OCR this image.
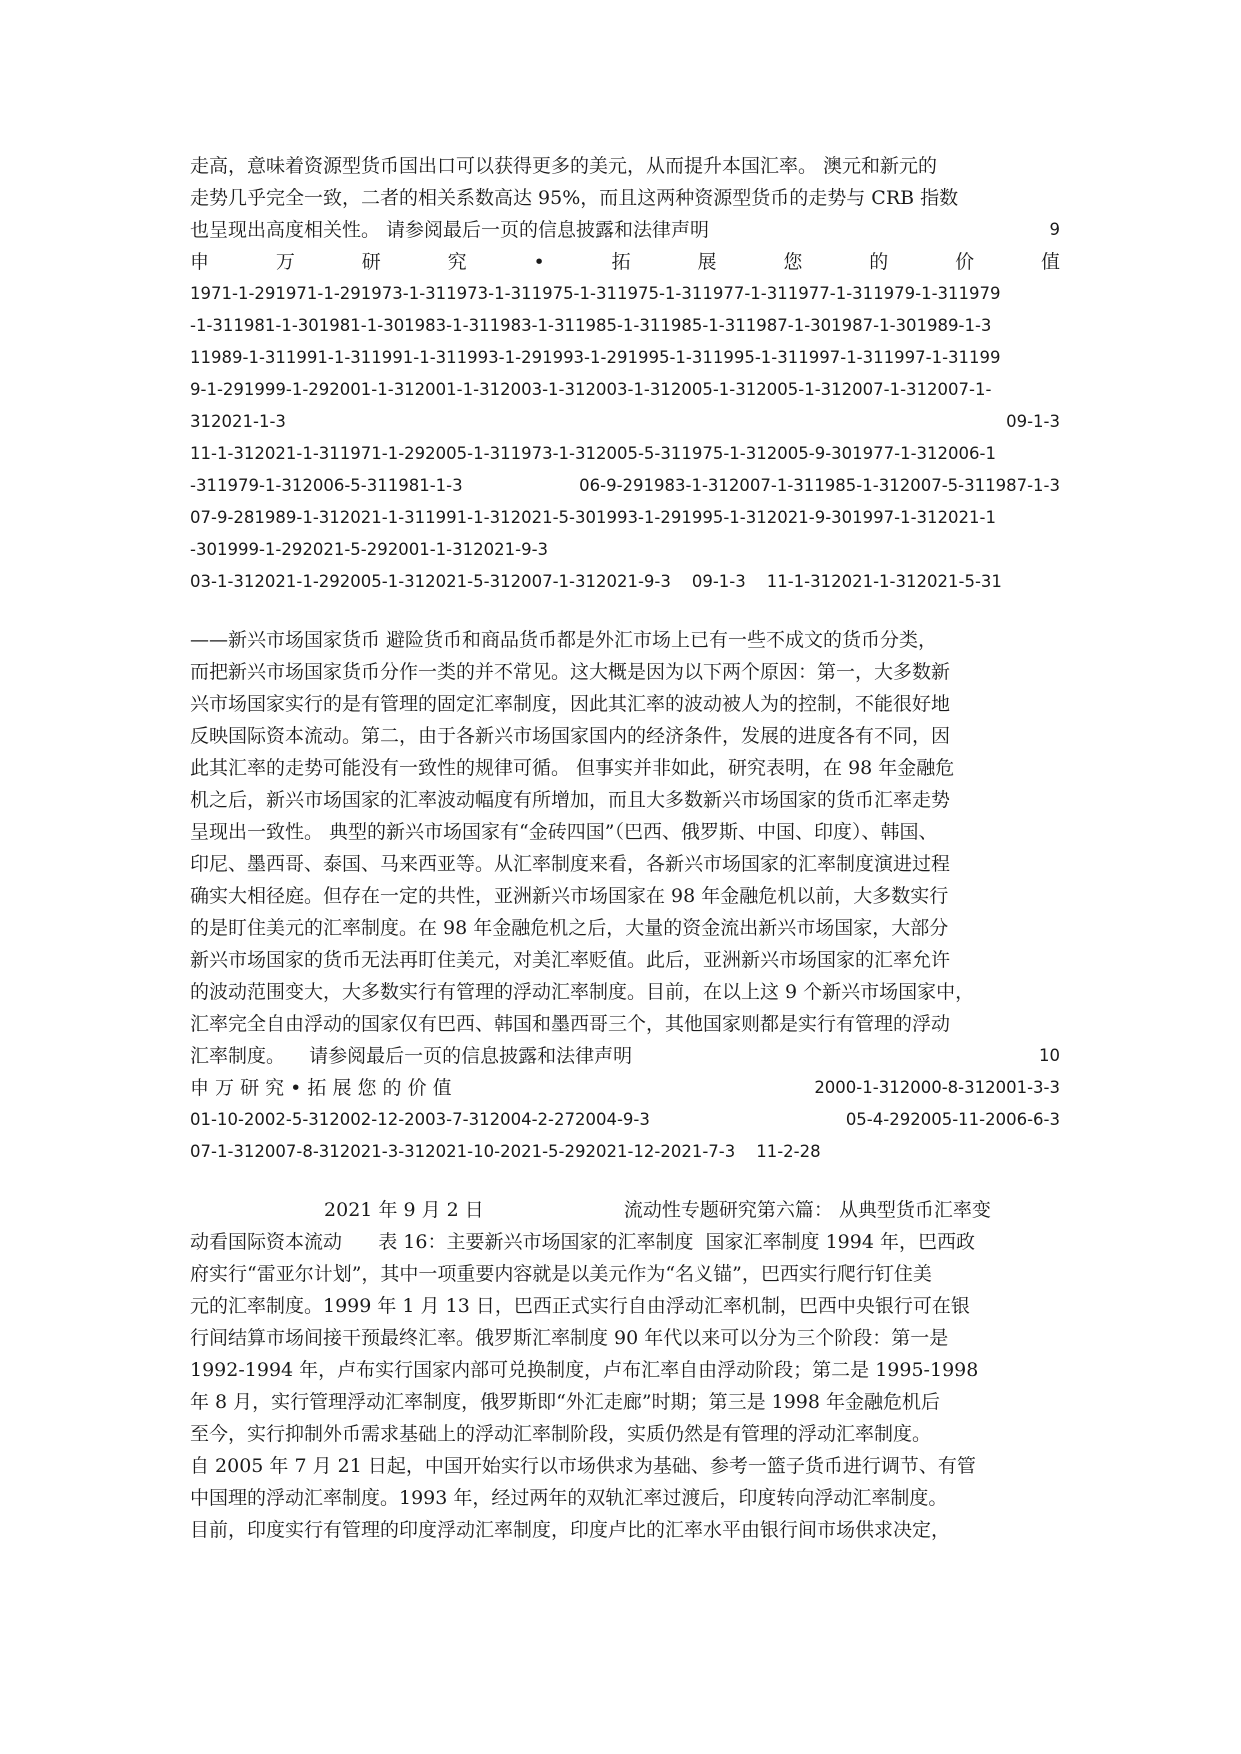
走高，意味着资源型货币国出口可以获得更多的美元，从而提升本国汇率。 澳元和新元的
走势几乎完全一致，二者的相关系数高达 95%，而且这两种资源型货币的走势与 CRB 指数
也呈现出高度相关性。 请参阅最后一页的信息披露和法律声明	9
申	万	研	究	•	拓	展	您	的	价	值
1971-1-291971-1-291973-1-311973-1-311975-1-311975-1-311977-1-311977-1-311979-1-311979
-1-311981-1-301981-1-301983-1-311983-1-311985-1-311985-1-311987-1-301987-1-301989-1-3
11989-1-311991-1-311991-1-311993-1-291993-1-291995-1-311995-1-311997-1-311997-1-31199
9-1-291999-1-292001-1-312001-1-312003-1-312003-1-312005-1-312005-1-312007-1-312007-1-
312021-1-3	09-1-3
11-1-312021-1-311971-1-292005-1-311973-1-312005-5-311975-1-312005-9-301977-1-312006-1
-311979-1-312006-5-311981-1-3	06-9-291983-1-312007-1-311985-1-312007-5-311987-1-3
07-9-281989-1-312021-1-311991-1-312021-5-301993-1-291995-1-312021-9-301997-1-312021-1
-301999-1-292021-5-292001-1-312021-9-3
03-1-312021-1-292005-1-312021-5-312007-1-312021-9-3    09-1-3    11-1-312021-1-312021-5-31
——新兴市场国家货币 避险货币和商品货币都是外汇市场上已有一些不成文的货币分类，
而把新兴市场国家货币分作一类的并不常见。这大概是因为以下两个原因：第一，大多数新
兴市场国家实行的是有管理的固定汇率制度，因此其汇率的波动被人为的控制，不能很好地
反映国际资本流动。第二，由于各新兴市场国家国内的经济条件，发展的进度各有不同，因
此其汇率的走势可能没有一致性的规律可循。 但事实并非如此，研究表明，在 98 年金融危
机之后，新兴市场国家的汇率波动幅度有所增加，而且大多数新兴市场国家的货币汇率走势
呈现出一致性。 典型的新兴市场国家有“金砖四国”（巴西、俄罗斯、中国、印度）、韩国、
印尼、墨西哥、泰国、马来西亚等。从汇率制度来看，各新兴市场国家的汇率制度演进过程
确实大相径庭。但存在一定的共性，亚洲新兴市场国家在 98 年金融危机以前，大多数实行
的是盯住美元的汇率制度。在 98 年金融危机之后，大量的资金流出新兴市场国家，大部分
新兴市场国家的货币无法再盯住美元，对美汇率贬值。此后，亚洲新兴市场国家的汇率允许
的波动范围变大，大多数实行有管理的浮动汇率制度。目前，在以上这 9 个新兴市场国家中，
汇率完全自由浮动的国家仅有巴西、韩国和墨西哥三个，其他国家则都是实行有管理的浮动
汇率制度。    请参阅最后一页的信息披露和法律声明	10
申 万 研 究 • 拓 展 您 的 价 值	2000-1-312000-8-312001-3-3
01-10-2002-5-312002-12-2003-7-312004-2-272004-9-3	05-4-292005-11-2006-6-3
07-1-312007-8-312021-3-312021-10-2021-5-292021-12-2021-7-3    11-2-28
2021 年 9 月 2 日	流动性专题研究第六篇： 从典型货币汇率变
动看国际资本流动      表 16：主要新兴市场国家的汇率制度  国家汇率制度 1994 年，巴西政
府实行“雷亚尔计划”，其中一项重要内容就是以美元作为“名义锚”，巴西实行爬行钉住美
元的汇率制度。1999 年 1 月 13 日，巴西正式实行自由浮动汇率机制，巴西中央银行可在银
行间结算市场间接干预最终汇率。俄罗斯汇率制度 90 年代以来可以分为三个阶段：第一是
1992-1994 年，卢布实行国家内部可兑换制度，卢布汇率自由浮动阶段；第二是 1995-1998
年 8 月，实行管理浮动汇率制度，俄罗斯即“外汇走廊”时期；第三是 1998 年金融危机后
至今，实行抑制外币需求基础上的浮动汇率制阶段，实质仍然是有管理的浮动汇率制度。
自 2005 年 7 月 21 日起，中国开始实行以市场供求为基础、参考一篮子货币进行调节、有管
中国理的浮动汇率制度。1993 年，经过两年的双轨汇率过渡后，印度转向浮动汇率制度。
目前，印度实行有管理的印度浮动汇率制度，印度卢比的汇率水平由银行间市场供求决定，
